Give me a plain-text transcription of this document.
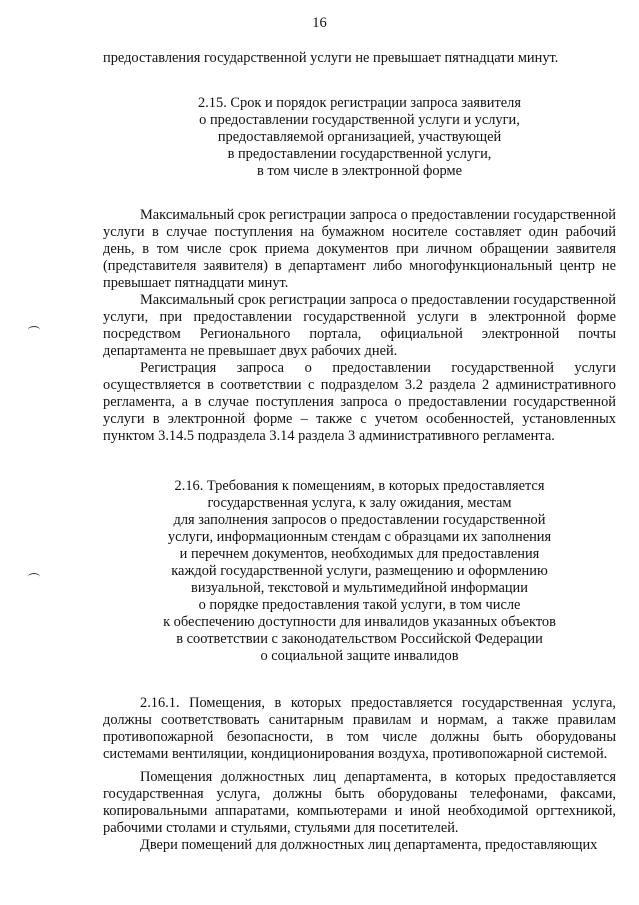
16

предоставления государственной услуги не превышает пятнадцати минут.

2.15. Срок и порядок регистрации запроса заявителя
о предоставлении государственной услуги и услуги,
предоставляемой организацией, участвующей
в предоставлении государственной услуги,
в том числе в электронной форме

Максимальный срок регистрации запроса о предоставлении государственной услуги в случае поступления на бумажном носителе составляет один рабочий день, в том числе срок приема документов при личном обращении заявителя (представителя заявителя) в департамент либо многофункциональный центр не превышает пятнадцати минут.

Максимальный срок регистрации запроса о предоставлении государственной услуги, при предоставлении государственной услуги в электронной форме посредством Регионального портала, официальной электронной почты департамента не превышает двух рабочих дней.

Регистрация запроса о предоставлении государственной услуги осуществляется в соответствии с подразделом 3.2 раздела 2 административного регламента, а в случае поступления запроса о предоставлении государственной услуги в электронной форме – также с учетом особенностей, установленных пунктом 3.14.5 подраздела 3.14 раздела 3 административного регламента.

2.16. Требования к помещениям, в которых предоставляется
государственная услуга, к залу ожидания, местам
для заполнения запросов о предоставлении государственной
услуги, информационным стендам с образцами их заполнения
и перечнем документов, необходимых для предоставления
каждой государственной услуги, размещению и оформлению
визуальной, текстовой и мультимедийной информации
о порядке предоставления такой услуги, в том числе
к обеспечению доступности для инвалидов указанных объектов
в соответствии с законодательством Российской Федерации
о социальной защите инвалидов

2.16.1. Помещения, в которых предоставляется государственная услуга, должны соответствовать санитарным правилам и нормам, а также правилам противопожарной безопасности, в том числе должны быть оборудованы системами вентиляции, кондиционирования воздуха, противопожарной системой.

Помещения должностных лиц департамента, в которых предоставляется государственная услуга, должны быть оборудованы телефонами, факсами, копировальными аппаратами, компьютерами и иной необходимой оргтехникой, рабочими столами и стульями, стульями для посетителей.

Двери помещений для должностных лиц департамента, предоставляющих
